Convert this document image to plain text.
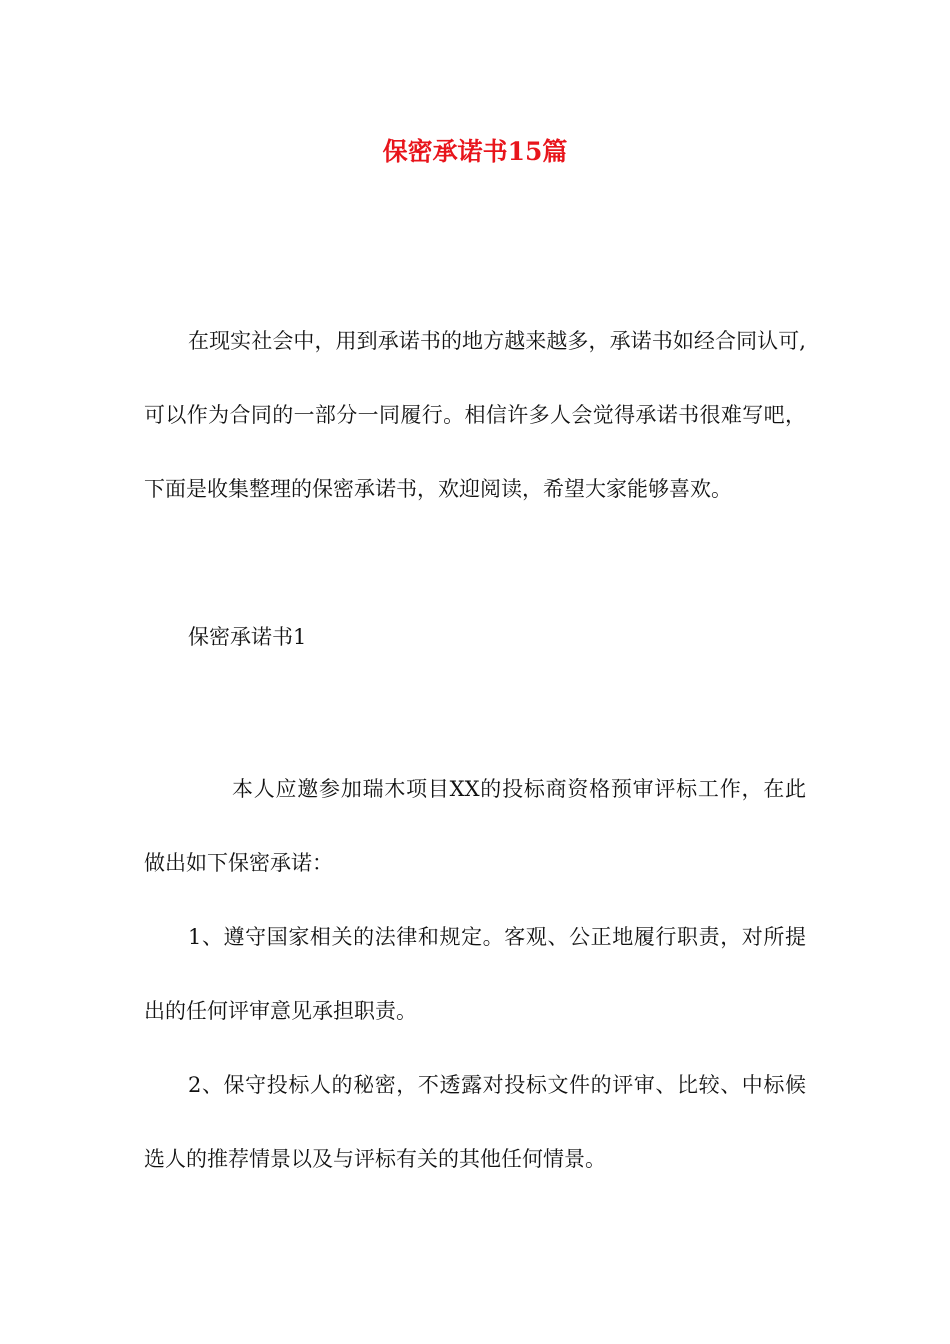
保密承诺书15篇

在现实社会中，用到承诺书的地方越来越多，承诺书如经合同认可,可以作为合同的一部分一同履行。相信许多人会觉得承诺书很难写吧，下面是收集整理的保密承诺书，欢迎阅读，希望大家能够喜欢。

保密承诺书1

本人应邀参加瑞木项目XX的投标商资格预审评标工作，在此做出如下保密承诺：

1、遵守国家相关的法律和规定。客观、公正地履行职责，对所提出的任何评审意见承担职责。

2、保守投标人的秘密，不透露对投标文件的评审、比较、中标候选人的推荐情景以及与评标有关的其他任何情景。
